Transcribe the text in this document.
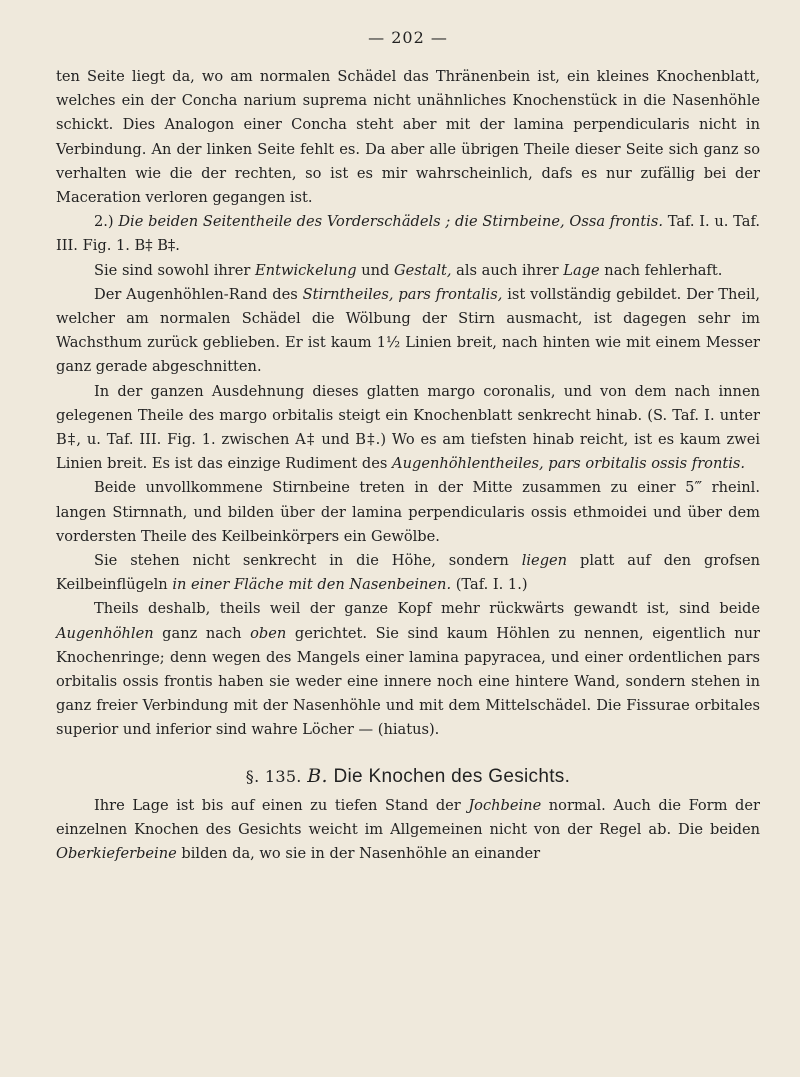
— 202 —

ten Seite liegt da, wo am normalen Schädel das Thränenbein ist, ein kleines Knochenblatt, welches ein der Concha narium suprema nicht unähnliches Knochenstück in die Nasenhöhle schickt. Dies Analogon einer Concha steht aber mit der lamina perpendicularis nicht in Verbindung. An der linken Seite fehlt es. Da aber alle übrigen Theile dieser Seite sich ganz so verhalten wie die der rechten, so ist es mir wahrscheinlich, dafs es nur zufällig bei der Maceration verloren gegangen ist.

2.) Die beiden Seitentheile des Vorderschädels ; die Stirnbeine, Ossa frontis. Taf. I. u. Taf. III. Fig. 1. B‡ B‡.

Sie sind sowohl ihrer Entwickelung und Gestalt, als auch ihrer Lage nach fehlerhaft.

Der Augenhöhlen-Rand des Stirntheiles, pars frontalis, ist vollständig gebildet. Der Theil, welcher am normalen Schädel die Wölbung der Stirn ausmacht, ist dagegen sehr im Wachsthum zurück geblieben. Er ist kaum 1½ Linien breit, nach hinten wie mit einem Messer ganz gerade abgeschnitten.

In der ganzen Ausdehnung dieses glatten margo coronalis, und von dem nach innen gelegenen Theile des margo orbitalis steigt ein Knochenblatt senkrecht hinab. (S. Taf. I. unter B‡, u. Taf. III. Fig. 1. zwischen A‡ und B‡.) Wo es am tiefsten hinab reicht, ist es kaum zwei Linien breit. Es ist das einzige Rudiment des Augenhöhlentheiles, pars orbitalis ossis frontis.

Beide unvollkommene Stirnbeine treten in der Mitte zusammen zu einer 5‴ rheinl. langen Stirnnath, und bilden über der lamina perpendicularis ossis ethmoidei und über dem vordersten Theile des Keilbeinkörpers ein Gewölbe.

Sie stehen nicht senkrecht in die Höhe, sondern liegen platt auf den grofsen Keilbeinflügeln in einer Fläche mit den Nasenbeinen. (Taf. I. 1.)

Theils deshalb, theils weil der ganze Kopf mehr rückwärts gewandt ist, sind beide Augenhöhlen ganz nach oben gerichtet. Sie sind kaum Höhlen zu nennen, eigentlich nur Knochenringe; denn wegen des Mangels einer lamina papyracea, und einer ordentlichen pars orbitalis ossis frontis haben sie weder eine innere noch eine hintere Wand, sondern stehen in ganz freier Verbindung mit der Nasenhöhle und mit dem Mittelschädel. Die Fissurae orbitales superior und inferior sind wahre Löcher — (hiatus).

§. 135. B. Die Knochen des Gesichts.

Ihre Lage ist bis auf einen zu tiefen Stand der Jochbeine normal. Auch die Form der einzelnen Knochen des Gesichts weicht im Allgemeinen nicht von der Regel ab. Die beiden Oberkieferbeine bilden da, wo sie in der Nasenhöhle an einander
